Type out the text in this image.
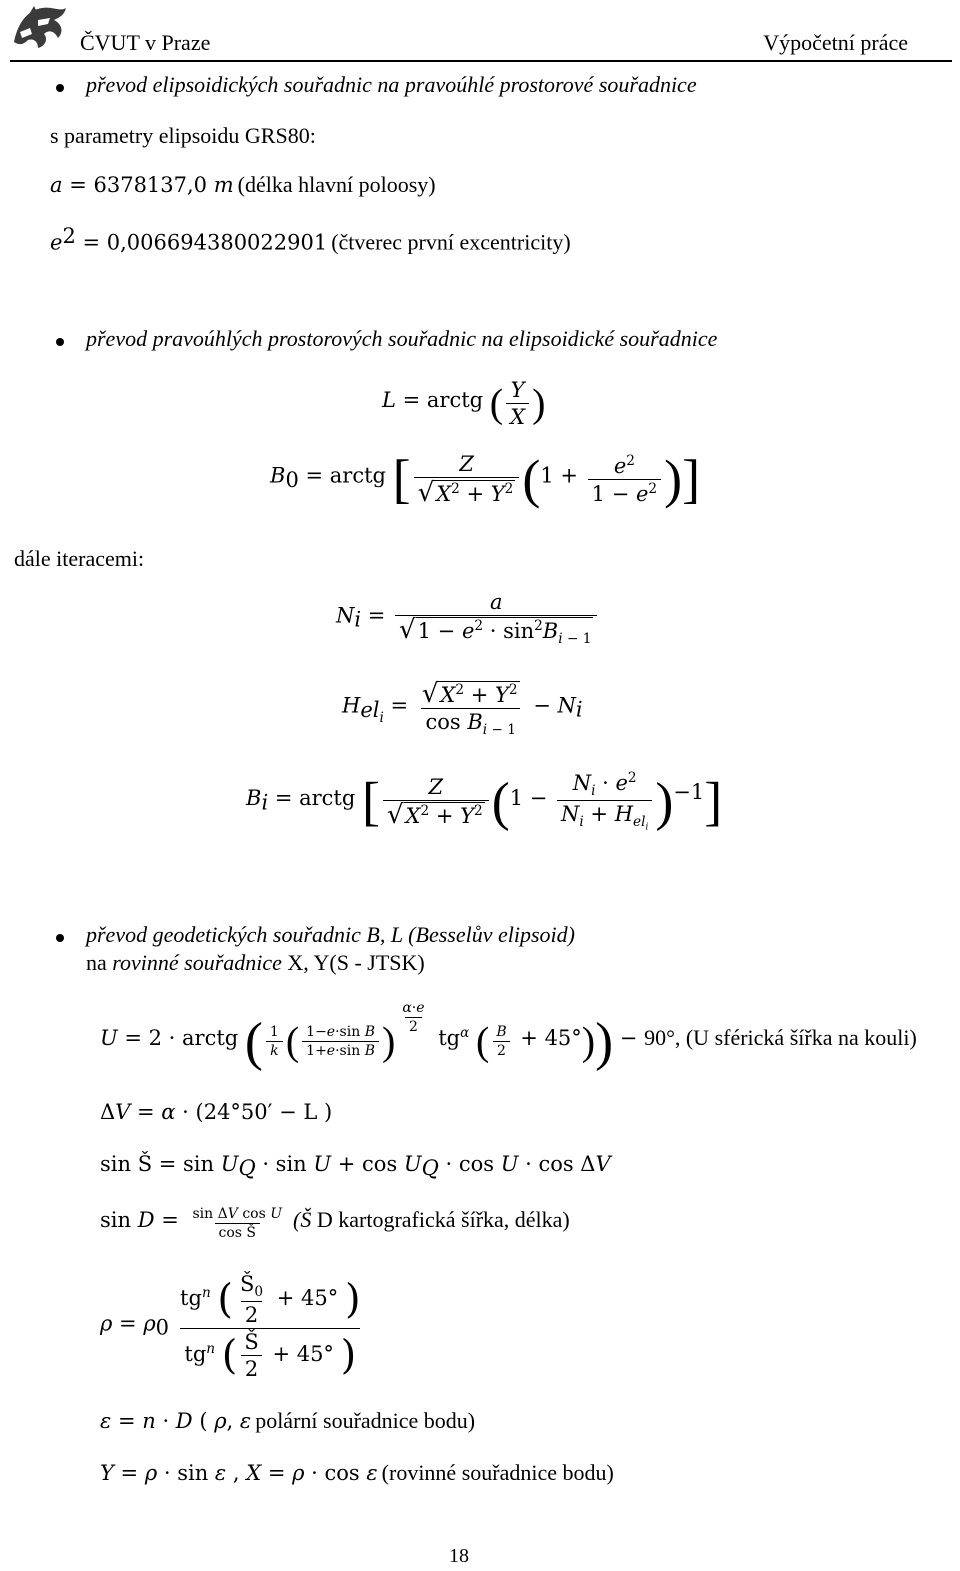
ČVUT v Praze	Výpočetní práce
převod elipsoidických souřadnic na pravoúhlé prostorové souřadnice
s parametry elipsoidu GRS80:
a = 6378137,0 m (délka hlavní poloosy)
$e^2 = 0,006694380022901$ (čtverec první excentricity)
převod pravoúhlých prostorových souřadnic na elipsoidické souřadnice
L = arctg ( $\frac{Y}{X}$ )
$B_0$ = arctg [ $\frac{Z}{√ X^2 + Y^2} (1 + \frac{e^2}{1 - e^2}$ )]
dále iteracemi:
$N_i = \frac{a}{√ 1 - e^2 \cdot \sin^2B_{i - 1}}$
$H_{el_i} = \frac{√ X^2 + Y^2}{\cos B_{i - 1}} - N_i$
$B_i$ = arctg [ $\frac{Z}{√ X^2 + Y^2} (1 - \frac{N_i \cdot e^2}{N_i + H_{el_i}} )^{-1}$]
převod geodetických souřadnic B, L (Besselův elipsoid)
na rovinné souřadnice X, Y(S - JTSK)
U = 2 · arctg ( $\frac{1}{k}$ ( $\frac{\text{1−e·sin B}}{\text{1+e·sin B}}$ )
$^{\frac{\alpha\cdot e}{2}}$
$tg^\alpha$ ( $\frac{B}{2} + 45^\circ)) - 90^\circ$, (U sférická šířka na kouli)
ΔV = α · (24°50′ − L )
sin Š = $\sin U_Q \cdot \sin U + \cos U_Q \cdot \cos U \cdot \cos \Delta V$
$\sin D = \frac{\text{sin ΔV cos U}}{\text{cos Š}}$ (Š D kartografická šířka, délka)
$\rho = \rho_0 \frac{tg^n ( \frac{Š_0}{2} + 45^\circ )}{tg^n ( \frac{Š}{2} + 45^\circ )}$
ε = n · D ( ρ, ε polární souřadnice bodu)
Y = ρ · sin ε , X = ρ · cos ε (rovinné souřadnice bodu)
18
